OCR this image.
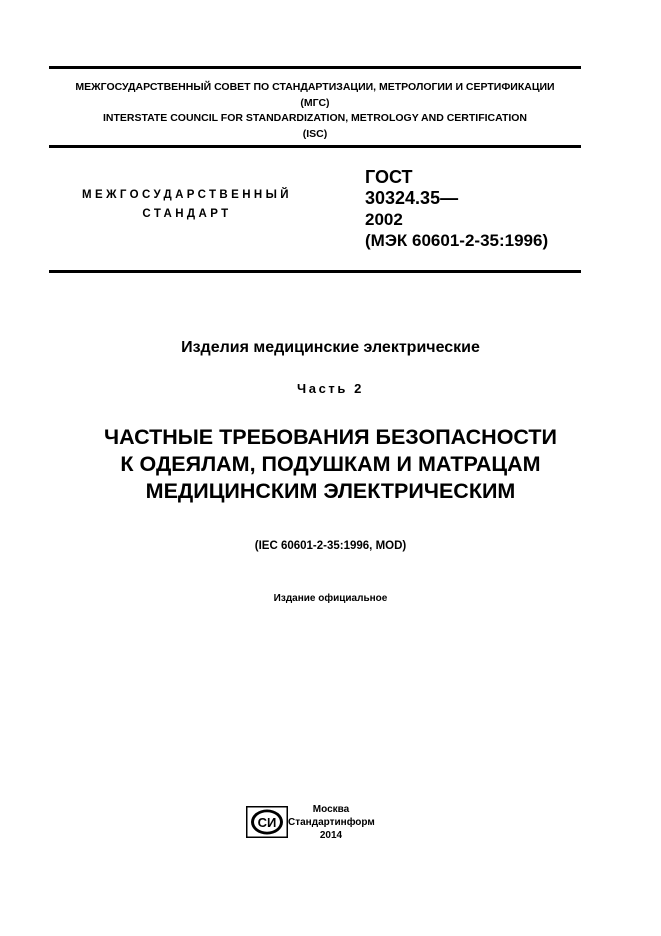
МЕЖГОСУДАРСТВЕННЫЙ СОВЕТ ПО СТАНДАРТИЗАЦИИ, МЕТРОЛОГИИ И СЕРТИФИКАЦИИ
(МГС)
INTERSTATE COUNCIL FOR STANDARDIZATION, METROLOGY AND CERTIFICATION
(ISC)
МЕЖГОСУДАРСТВЕННЫЙ
СТАНДАРТ
ГОСТ
30324.35—
2002
(МЭК 60601-2-35:1996)
Изделия медицинские электрические
Часть 2
ЧАСТНЫЕ ТРЕБОВАНИЯ БЕЗОПАСНОСТИ
К ОДЕЯЛАМ, ПОДУШКАМ И МАТРАЦАМ
МЕДИЦИНСКИМ ЭЛЕКТРИЧЕСКИМ
(IEC 60601-2-35:1996, MOD)
Издание официальное
СИ
Москва
Стандартинформ
2014
